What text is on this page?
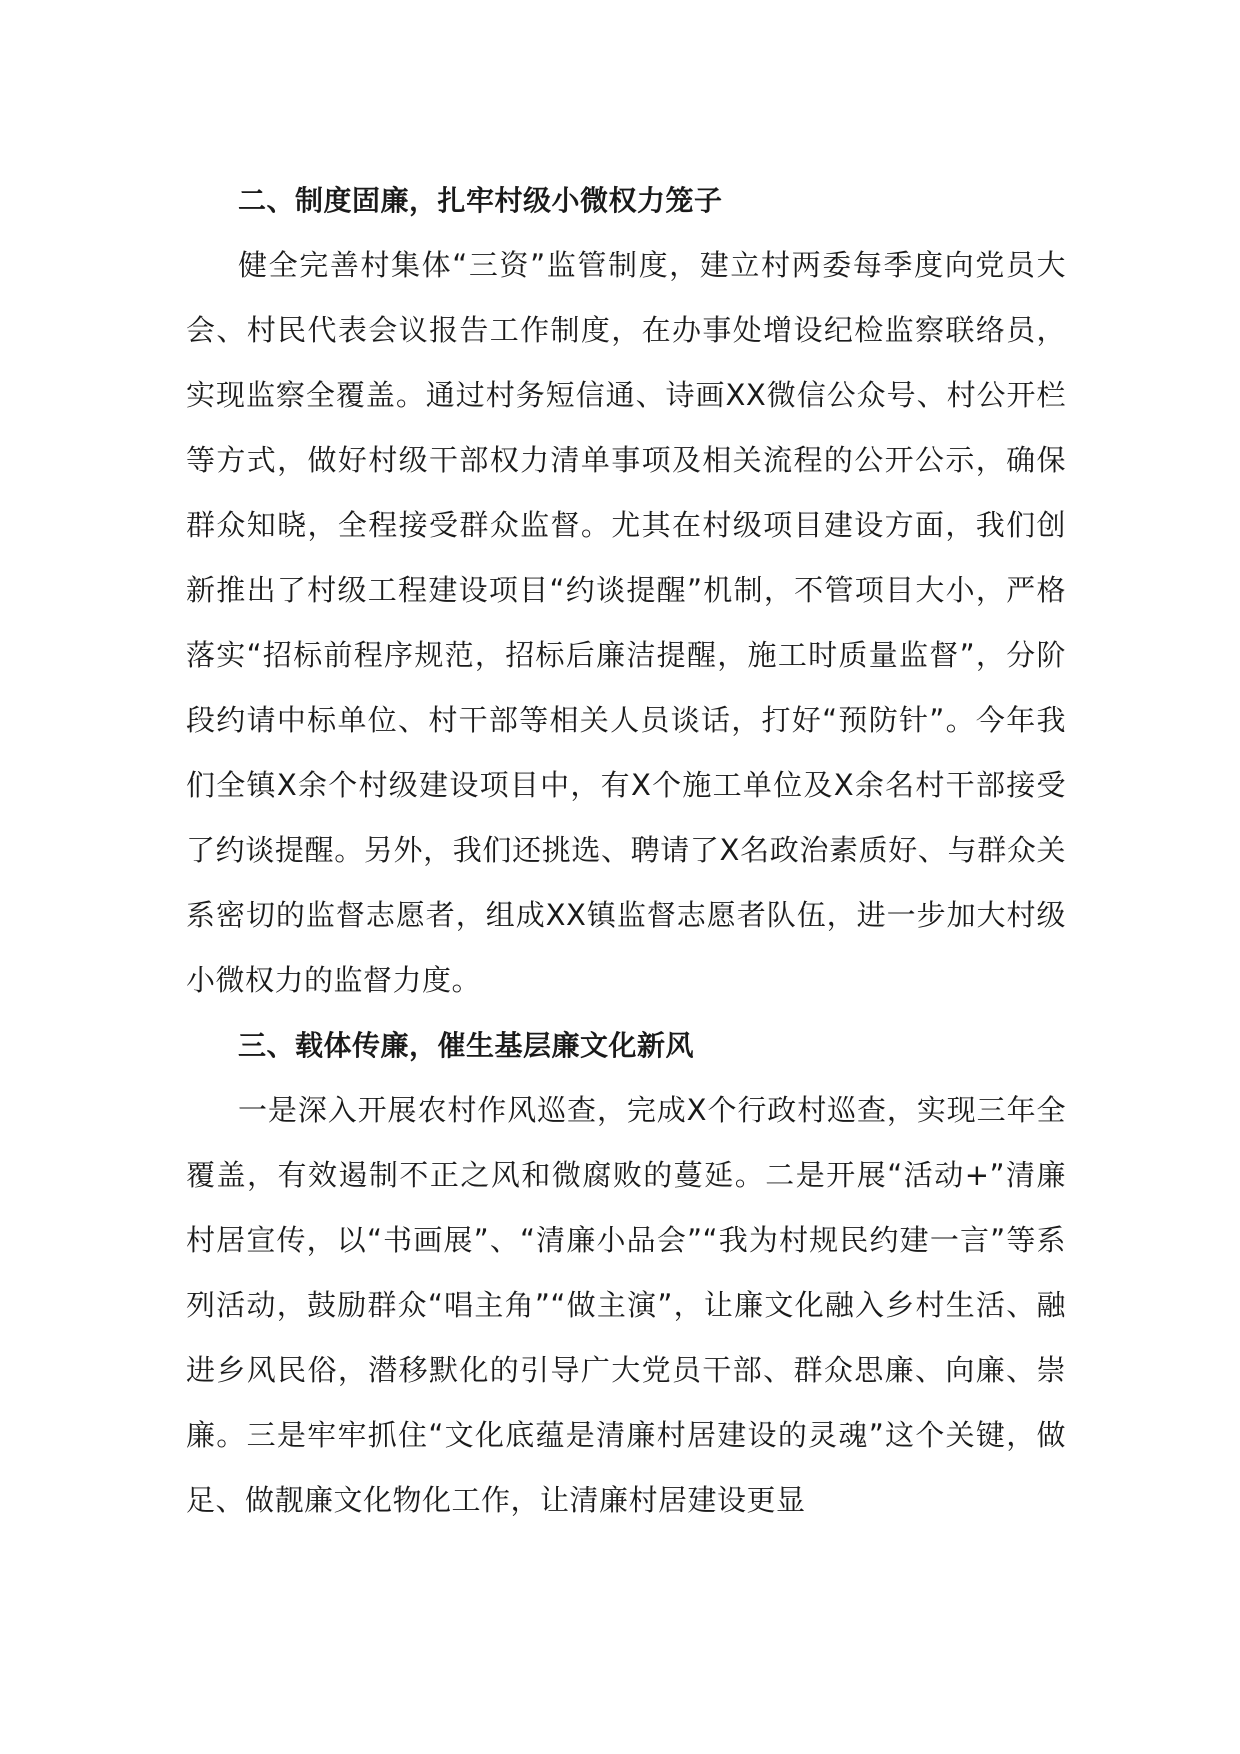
二、制度固廉，扎牢村级小微权力笼子

健全完善村集体“三资”监管制度，建立村两委每季度向党员大会、村民代表会议报告工作制度，在办事处增设纪检监察联络员，实现监察全覆盖。通过村务短信通、诗画XX微信公众号、村公开栏等方式，做好村级干部权力清单事项及相关流程的公开公示，确保群众知晓，全程接受群众监督。尤其在村级项目建设方面，我们创新推出了村级工程建设项目“约谈提醒”机制，不管项目大小，严格落实“招标前程序规范，招标后廉洁提醒，施工时质量监督”，分阶段约请中标单位、村干部等相关人员谈话，打好“预防针”。今年我们全镇X余个村级建设项目中，有X个施工单位及X余名村干部接受了约谈提醒。另外，我们还挑选、聘请了X名政治素质好、与群众关系密切的监督志愿者，组成XX镇监督志愿者队伍，进一步加大村级小微权力的监督力度。

三、载体传廉，催生基层廉文化新风

一是深入开展农村作风巡查，完成X个行政村巡查，实现三年全覆盖，有效遏制不正之风和微腐败的蔓延。二是开展“活动+”清廉村居宣传，以“书画展”、“清廉小品会”“我为村规民约建一言”等系列活动，鼓励群众“唱主角”“做主演”，让廉文化融入乡村生活、融进乡风民俗，潜移默化的引导广大党员干部、群众思廉、向廉、崇廉。三是牢牢抓住“文化底蕴是清廉村居建设的灵魂”这个关键，做足、做靓廉文化物化工作，让清廉村居建设更显
